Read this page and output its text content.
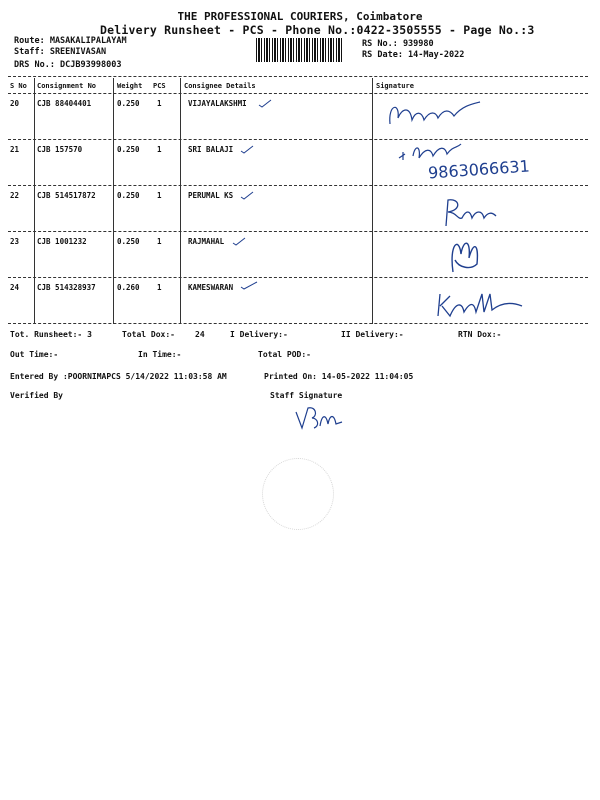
THE PROFESSIONAL COURIERS, Coimbatore
Delivery Runsheet - PCS - Phone No.:0422-3505555 - Page No.:3
Route: MASAKALIPALAYAM
Staff: SREENIVASAN
DRS No.: DCJB93998003
RS No.: 939980
RS Date: 14-May-2022
S No Consignment No	Weight PCS	Consignee Details	Signature
20 CJB 88404401	0.250 1	VIJAYALAKSHMI
21 CJB 157570	0.250 1	SRI BALAJI
22 CJB 514517872	0.250 1	PERUMAL KS
23 CJB 1001232	0.250 1	RAJMAHAL
24 CJB 514328937	0.260 1	KAMESWARAN
9863066631
Tot. Runsheet:- 3	Total Dox:-	24	I Delivery:-	II Delivery:-	RTN Dox:-
Out Time:-	In Time:-	Total POD:-
Entered By :POORNIMAPCS 5/14/2022 11:03:58 AM	Printed On: 14-05-2022 11:04:05
Verified By	Staff Signature
